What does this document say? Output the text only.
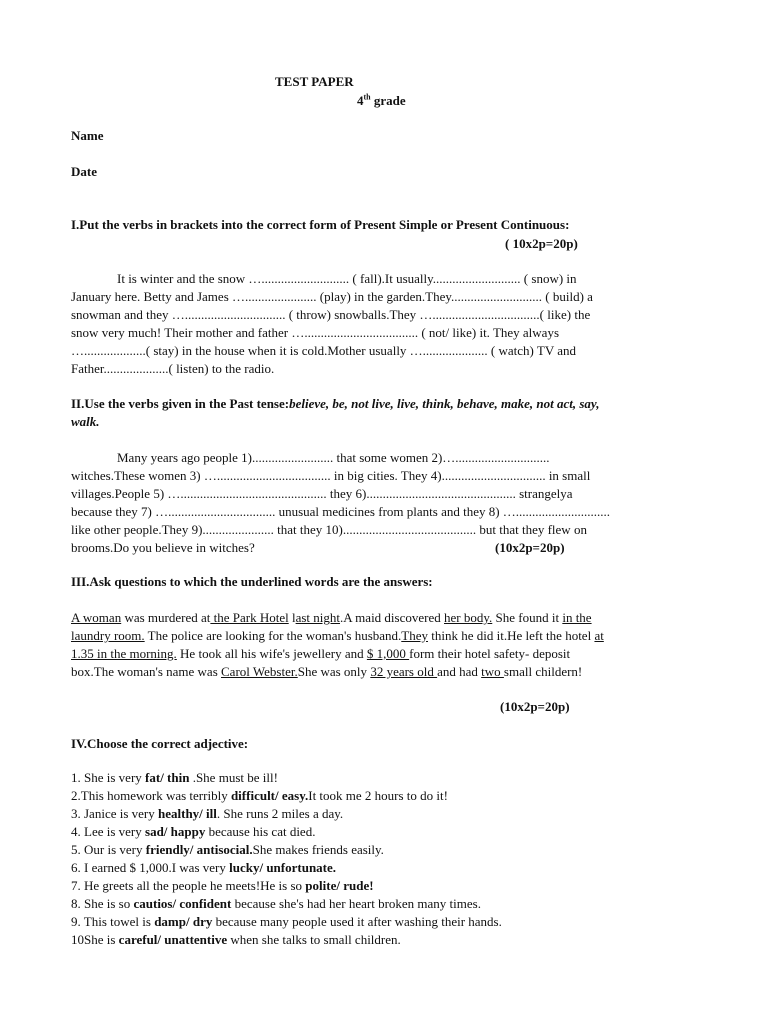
TEST PAPER
4th grade
Name
Date
I.Put the verbs in brackets into the correct form of Present Simple or Present Continuous:
( 10x2p=20p)
It is winter and the snow …........................... ( fall).It usually........................... ( snow) in
January here. Betty and James …...................... (play) in the garden.They............................ ( build) a
snowman and they …............................... ( throw) snowballs.They ….................................( like) the
snow very much! Their mother and father …................................... ( not/ like) it. They always
…...................( stay) in the house when it is cold.Mother usually ….................... ( watch) TV and
Father....................( listen) to the radio.
II.Use the verbs given in the Past tense:believe, be, not live, live, think, behave, make, not act, say,
walk.
Many years ago people 1)......................... that some women 2)….............................
witches.These women 3) …................................... in big cities. They 4)................................ in small
villages.People 5) …............................................. they 6).............................................. strangelya
because they 7) …................................. unusual medicines from plants and they 8) ….............................
like other people.They 9)...................... that they 10)......................................... but that they flew on
brooms.Do you believe in witches?	(10x2p=20p)
III.Ask questions to which the underlined words are the answers:
A woman was murdered at the Park Hotel last night.A maid discovered her body. She found it in the
laundry room. The police are looking for the woman's husband.They think he did it.He left the hotel at
1.35 in the morning. He took all his wife's jewellery and $ 1,000 form their hotel safety- deposit
box.The woman's name was Carol Webster.She was only 32 years old and had two small childern!
(10x2p=20p)
IV.Choose the correct adjective:
1. She is very fat/ thin .She must be ill!
2.This homework was terribly difficult/ easy.It took me 2 hours to do it!
3. Janice is very healthy/ ill. She runs 2 miles a day.
4. Lee is very sad/ happy because his cat died.
5. Our is very friendly/ antisocial.She makes friends easily.
6. I earned $ 1,000.I was very lucky/ unfortunate.
7. He greets all the people he meets!He is so polite/ rude!
8. She is so cautios/ confident because she's had her heart broken many times.
9. This towel is damp/ dry because many people used it after washing their hands.
10She is careful/ unattentive when she talks to small children.
